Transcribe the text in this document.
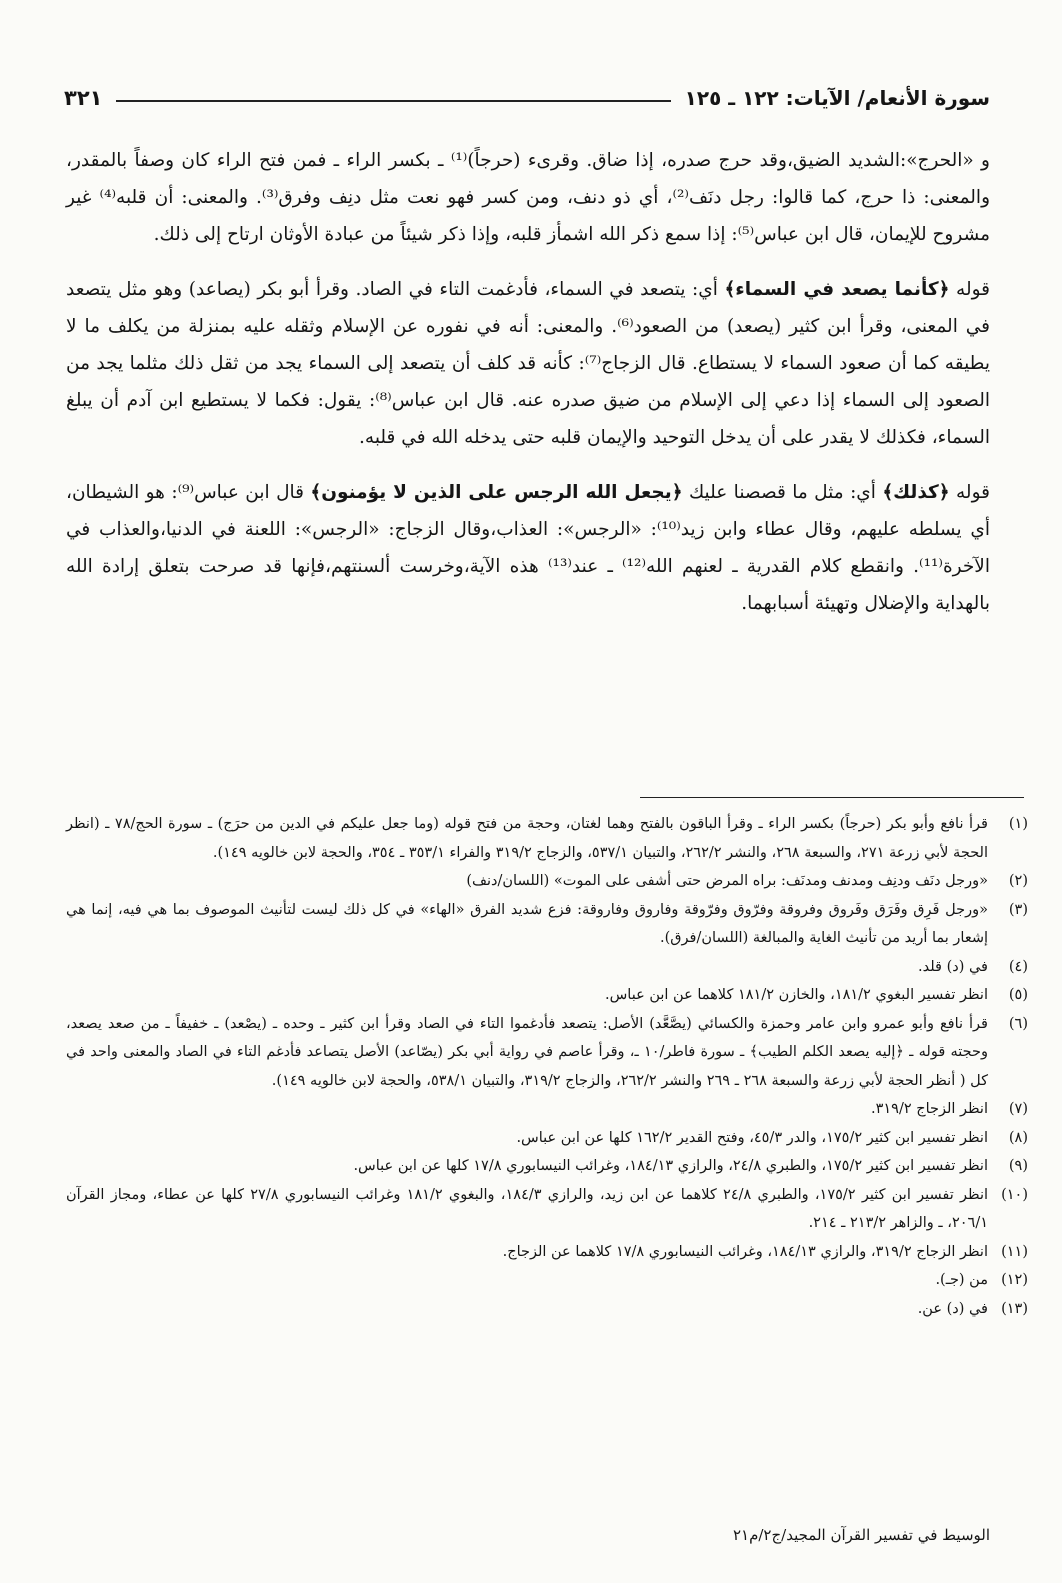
سورة الأنعام/ الآيات: ١٢٢ ـ ١٢٥
٣٢١

و «الحرج»:الشديد الضيق،وقد حرج صدره، إذا ضاق. وقرىء (حرجاً)⁽¹⁾ ـ بكسر الراء ـ فمن فتح الراء كان وصفاً بالمقدر، والمعنى: ذا حرج، كما قالوا: رجل دنَف⁽²⁾، أي ذو دنف، ومن كسر فهو نعت مثل دنِف وفرق⁽³⁾. والمعنى: أن قلبه⁽⁴⁾ غير مشروح للإيمان، قال ابن عباس⁽⁵⁾: إذا سمع ذكر الله اشمأز قلبه، وإذا ذكر شيئاً من عبادة الأوثان ارتاح إلى ذلك.

قوله ﴿كأنما يصعد في السماء﴾ أي: يتصعد في السماء، فأدغمت التاء في الصاد. وقرأ أبو بكر (يصاعد) وهو مثل يتصعد في المعنى، وقرأ ابن كثير (يصعد) من الصعود⁽⁶⁾. والمعنى: أنه في نفوره عن الإسلام وثقله عليه بمنزلة من يكلف ما لا يطيقه كما أن صعود السماء لا يستطاع. قال الزجاج⁽⁷⁾: كأنه قد كلف أن يتصعد إلى السماء يجد من ثقل ذلك مثلما يجد من الصعود إلى السماء إذا دعي إلى الإسلام من ضيق صدره عنه. قال ابن عباس⁽⁸⁾: يقول: فكما لا يستطيع ابن آدم أن يبلغ السماء، فكذلك لا يقدر على أن يدخل التوحيد والإيمان قلبه حتى يدخله الله في قلبه.

قوله ﴿كذلك﴾ أي: مثل ما قصصنا عليك ﴿يجعل الله الرجس على الذين لا يؤمنون﴾ قال ابن عباس⁽⁹⁾: هو الشيطان، أي يسلطه عليهم، وقال عطاء وابن زيد⁽¹⁰⁾: «الرجس»: العذاب،وقال الزجاج: «الرجس»: اللعنة في الدنيا،والعذاب في الآخرة⁽¹¹⁾. وانقطع كلام القدرية ـ لعنهم الله⁽¹²⁾ ـ عند⁽¹³⁾ هذه الآية،وخرست ألسنتهم،فإنها قد صرحت بتعلق إرادة الله بالهداية والإضلال وتهيئة أسبابهما.

(١)
قرأ نافع وأبو بكر (حرجاً) بكسر الراء ـ وقرأ الباقون بالفتح وهما لغتان، وحجة من فتح قوله (وما جعل عليكم في الدين من حرَج) ـ سورة الحج/٧٨ ـ (انظر الحجة لأبي زرعة ٢٧١، والسبعة ٢٦٨، والنشر ٢٦٢/٢، والتبيان ٥٣٧/١، والزجاج ٣١٩/٢ والفراء ٣٥٣/١ ـ ٣٥٤، والحجة لابن خالويه ١٤٩).
(٢)
«ورجل دنَف ودنِف ومدنف ومدنَف: براه المرض حتى أشفى على الموت» (اللسان/دنف)
(٣)
«ورجل فَرِق وفَرَق وفَروق وفروقة وفرّوق وفرّوقة وفاروق وفاروقة: فزع شديد الفرق «الهاء» في كل ذلك ليست لتأنيث الموصوف بما هي فيه، إنما هي إشعار بما أريد من تأنيث الغاية والمبالغة (اللسان/فرق).
(٤)
في (د) قلد.
(٥)
انظر تفسير البغوي ١٨١/٢، والخازن ١٨١/٢ كلاهما عن ابن عباس.
(٦)
قرأ نافع وأبو عمرو وابن عامر وحمزة والكسائي (يصَّعَّد) الأصل: يتصعد فأدغموا التاء في الصاد وقرأ ابن كثير ـ وحده ـ (يصْعد) ـ خفيفاً ـ من صعد يصعد، وحجته قوله ـ ﴿إليه يصعد الكلم الطيب﴾ ـ سورة فاطر/١٠ ـ، وقرأ عاصم في رواية أبي بكر (يصّاعد) الأصل يتصاعد فأدغم التاء في الصاد والمعنى واحد في كل ( أنظر الحجة لأبي زرعة والسبعة ٢٦٨ ـ ٢٦٩ والنشر ٢٦٢/٢، والزجاج ٣١٩/٢، والتبيان ٥٣٨/١، والحجة لابن خالويه ١٤٩).
(٧)
انظر الزجاج ٣١٩/٢.
(٨)
انظر تفسير ابن كثير ١٧٥/٢، والدر ٤٥/٣، وفتح القدير ١٦٢/٢ كلها عن ابن عباس.
(٩)
انظر تفسير ابن كثير ١٧٥/٢، والطبري ٢٤/٨، والرازي ١٨٤/١٣، وغرائب النيسابوري ١٧/٨ كلها عن ابن عباس.
(١٠)
انظر تفسير ابن كثير ١٧٥/٢، والطبري ٢٤/٨ كلاهما عن ابن زيد، والرازي ١٨٤/٣، والبغوي ١٨١/٢ وغرائب النيسابوري ٢٧/٨ كلها عن عطاء، ومجاز القرآن ٢٠٦/١، ـ والزاهر ٢١٣/٢ ـ ٢١٤.
(١١)
انظر الزجاج ٣١٩/٢، والرازي ١٨٤/١٣، وغرائب النيسابوري ١٧/٨ كلاهما عن الزجاج.
(١٢)
من (جـ).
(١٣)
في (د) عن.
الوسيط في تفسير القرآن المجيد/ج٢/م٢١
